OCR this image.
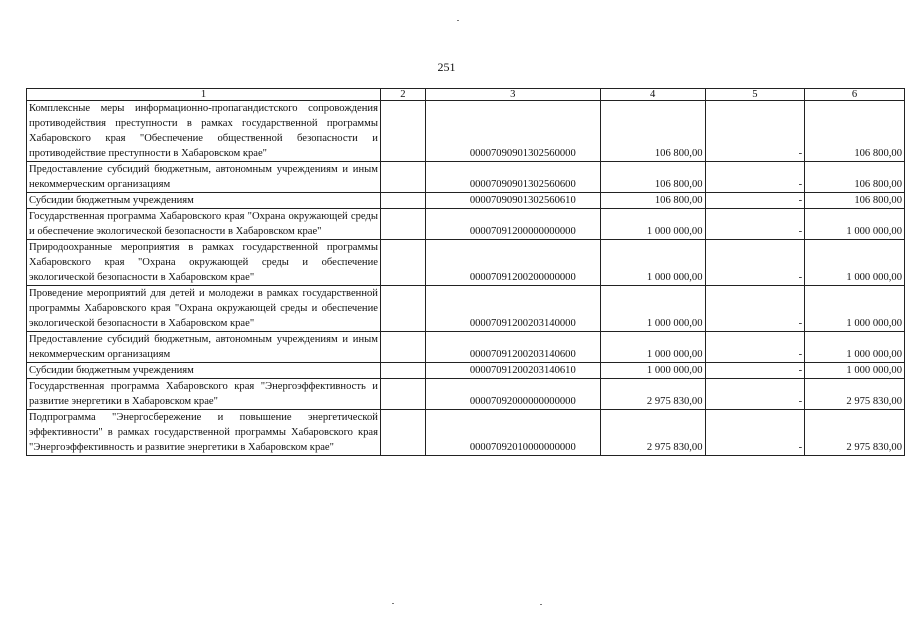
251
1	2	3	4	5	6
Комплексные меры информационно-пропагандистского сопровождения противодействия преступности в рамках государственной программы Хабаровского края "Обеспечение общественной безопасности и противодействие преступности в Хабаровском крае"		00007090901302560000	106 800,00	-	106 800,00
Предоставление субсидий бюджетным, автономным учреждениям и иным некоммерческим организациям		00007090901302560600	106 800,00	-	106 800,00
Субсидии бюджетным учреждениям		00007090901302560610	106 800,00	-	106 800,00
Государственная программа Хабаровского края "Охрана окружающей среды и обеспечение экологической безопасности в Хабаровском крае"		00007091200000000000	1 000 000,00	-	1 000 000,00
Природоохранные мероприятия в рамках государственной программы Хабаровского края "Охрана окружающей среды и обеспечение экологической безопасности в Хабаровском крае"		00007091200200000000	1 000 000,00	-	1 000 000,00
Проведение мероприятий для детей и молодежи в рамках государственной программы Хабаровского края "Охрана окружающей среды и обеспечение экологической безопасности в Хабаровском крае"		00007091200203140000	1 000 000,00	-	1 000 000,00
Предоставление субсидий бюджетным, автономным учреждениям и иным некоммерческим организациям		00007091200203140600	1 000 000,00	-	1 000 000,00
Субсидии бюджетным учреждениям		00007091200203140610	1 000 000,00	-	1 000 000,00
Государственная программа Хабаровского края "Энергоэффективность и развитие энергетики в Хабаровском крае"		00007092000000000000	2 975 830,00	-	2 975 830,00
Подпрограмма "Энергосбережение и повышение энергетической эффективности" в рамках государственной программы Хабаровского края "Энергоэффективность и развитие энергетики в Хабаровском крае"		00007092010000000000	2 975 830,00	-	2 975 830,00
